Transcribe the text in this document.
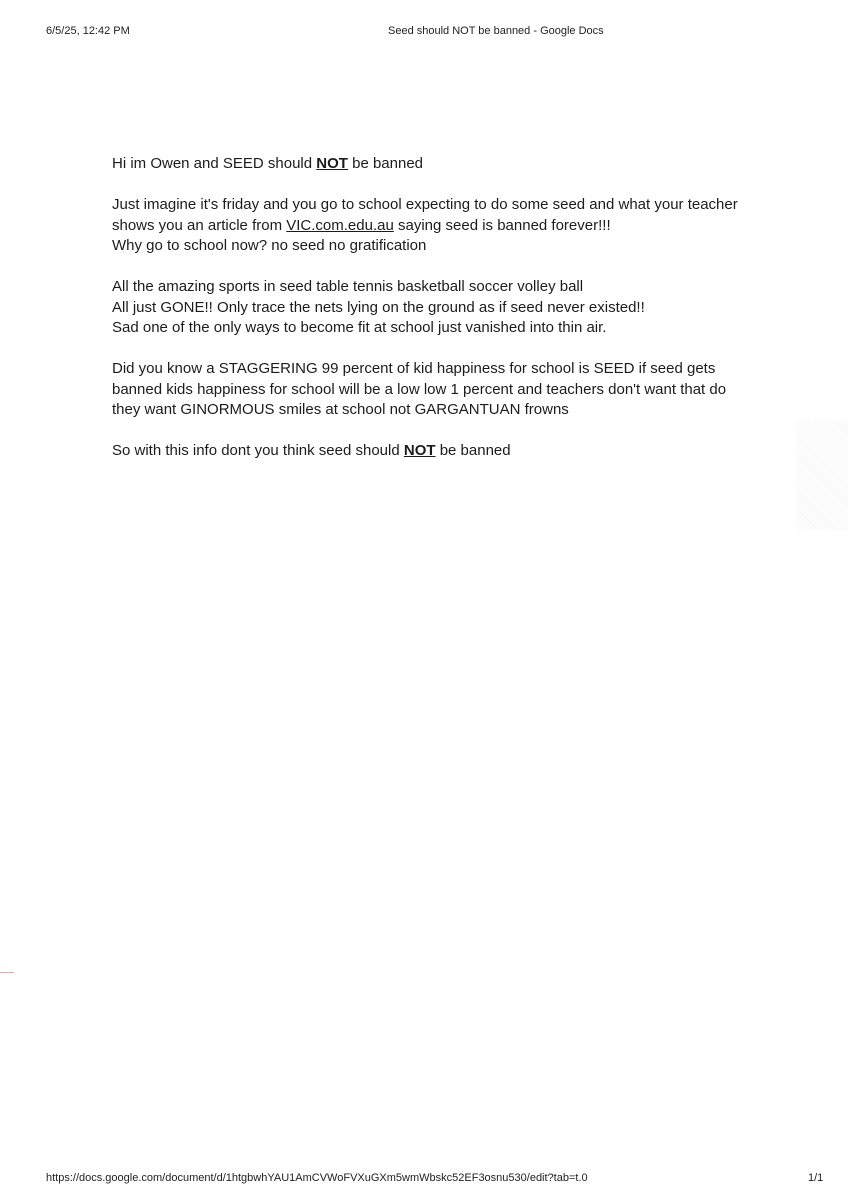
6/5/25, 12:42 PM	Seed should NOT be banned - Google Docs

Hi im Owen and SEED should NOT be banned

Just imagine it's friday and you go to school expecting to do some seed and what your teacher
shows you an article from VIC.com.edu.au saying seed is banned forever!!!
Why go to school now? no seed no gratification

All the amazing sports in seed table tennis basketball soccer volley ball
All just GONE!! Only trace the nets lying on the ground as if seed never existed!!
Sad one of the only ways to become fit at school just vanished into thin air.

Did you know a STAGGERING 99 percent of kid happiness for school is SEED if seed gets
banned kids happiness for school will be a low low 1 percent and teachers don't want that do
they want GINORMOUS smiles at school not GARGANTUAN frowns

So with this info dont you think seed should NOT be banned

https://docs.google.com/document/d/1htgbwhYAU1AmCVWoFVXuGXm5wmWbskc52EF3osnu530/edit?tab=t.0	1/1
